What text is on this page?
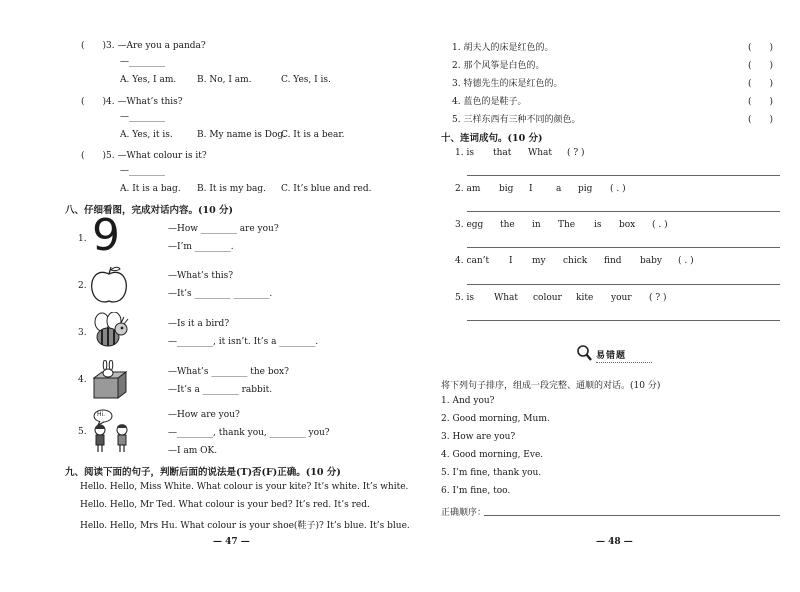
(　　)3. —Are you a panda?
—________
A. Yes, I am. B. No, I am.	C. Yes, I is.
(　　)4. —What’s this?
—________
A. Yes, it is.	B. My name is Dog.
C. It is a bear.
(　　)5. —What colour is it?
—________
A. It is a bag. B. It is my bag. C. It’s blue and red.
八、仔细看图，完成对话内容。(10 分)
1. 9	—How ________ are you?
—I’m ________.
2.
—What’s this?
—It’s ________ ________.
3.
—Is it a bird?
—________, it isn’t. It’s a ________.
4.
—What’s ________ the box?
—It’s a ________ rabbit.
5.
Hi.	—How are you?
—________, thank you, ________ you?
—I am OK.
九、阅读下面的句子，判断后面的说法是(T)否(F)正确。(10 分)
Hello. Hello, Miss White. What colour is your kite? It’s white. It’s white.
Hello. Hello, Mr Ted. What colour is your bed? It’s red. It’s red.
Hello. Hello, Mrs Hu. What colour is your shoe(鞋子)? It’s blue. It’s blue.
— 47 —
1. 胡夫人的床是红色的。	(　　)
2. 那个风筝是白色的。	(　　)
3. 特德先生的床是红色的。	(　　)
4. 蓝色的是鞋子。	(　　)
5. 三样东西有三种不同的颜色。	(　　)
十、连词成句。(10 分)
1. is that What ( ? )
2. am big I	a pig ( . )
3. egg the in The is box ( . )
4. can’t I my chick find baby ( . )
5. is What colour kite your ( ? )
易错题
将下列句子排序，组成一段完整、通顺的对话。(10 分)
1. And you?
2. Good morning, Mum.
3. How are you?
4. Good morning, Eve.
5. I’m fine, thank you.
6. I’m fine, too.
正确顺序：
— 48 —
